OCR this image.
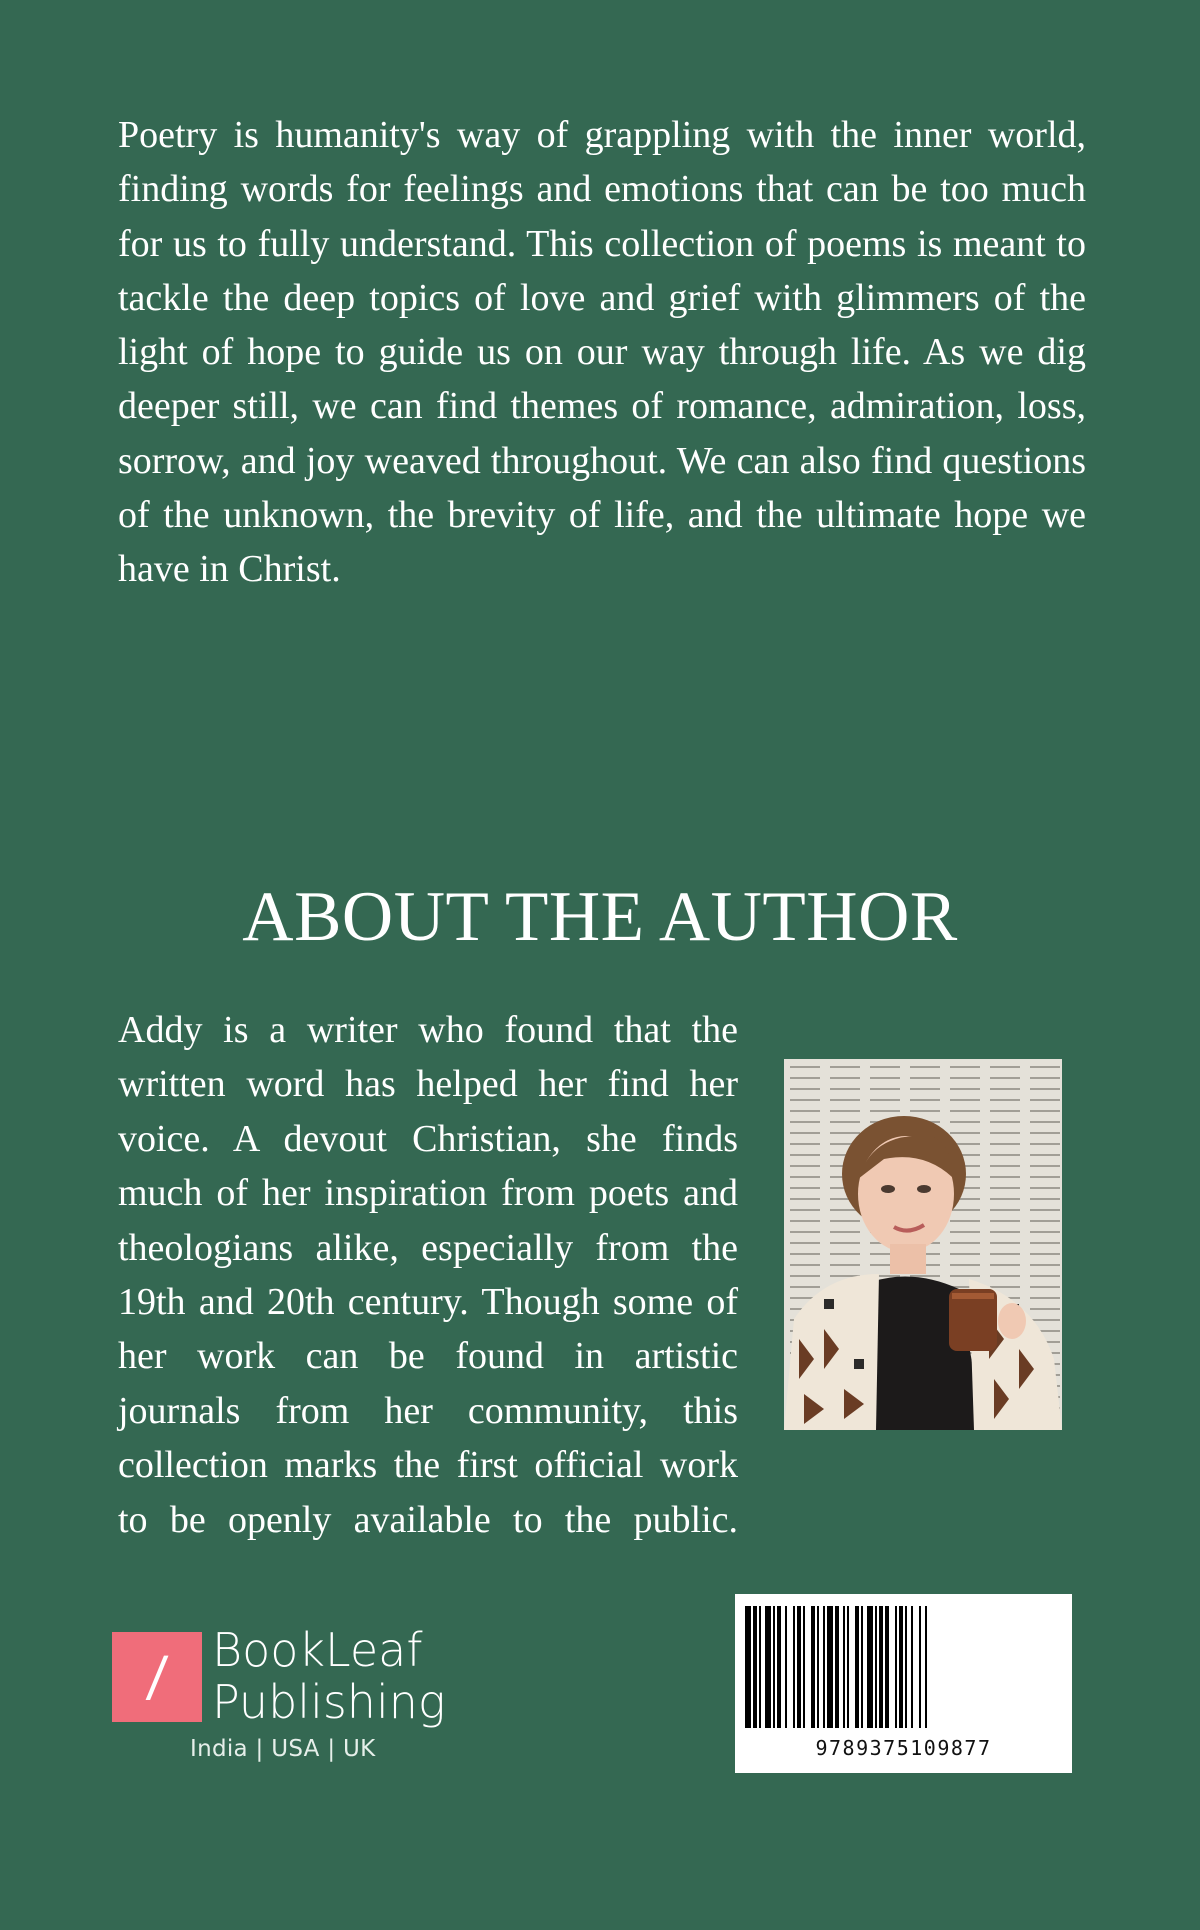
Poetry is humanity's way of grappling with the inner world, finding words for feelings and emotions that can be too much for us to fully understand. This collection of poems is meant to tackle the deep topics of love and grief with glimmers of the light of hope to guide us on our way through life. As we dig deeper still, we can find themes of romance, admiration, loss, sorrow, and joy weaved throughout. We can also find questions of the unknown, the brevity of life, and the ultimate hope we have in Christ.

ABOUT THE AUTHOR

Addy is a writer who found that the written word has helped her find her voice. A devout Christian, she finds much of her inspiration from poets and theologians alike, especially from the 19th and 20th century. Though some of her work can be found in artistic journals from her community, this collection marks the first official work to be openly available to the public.

/ BookLeaf
Publishing
India | USA | UK	9789375109877
